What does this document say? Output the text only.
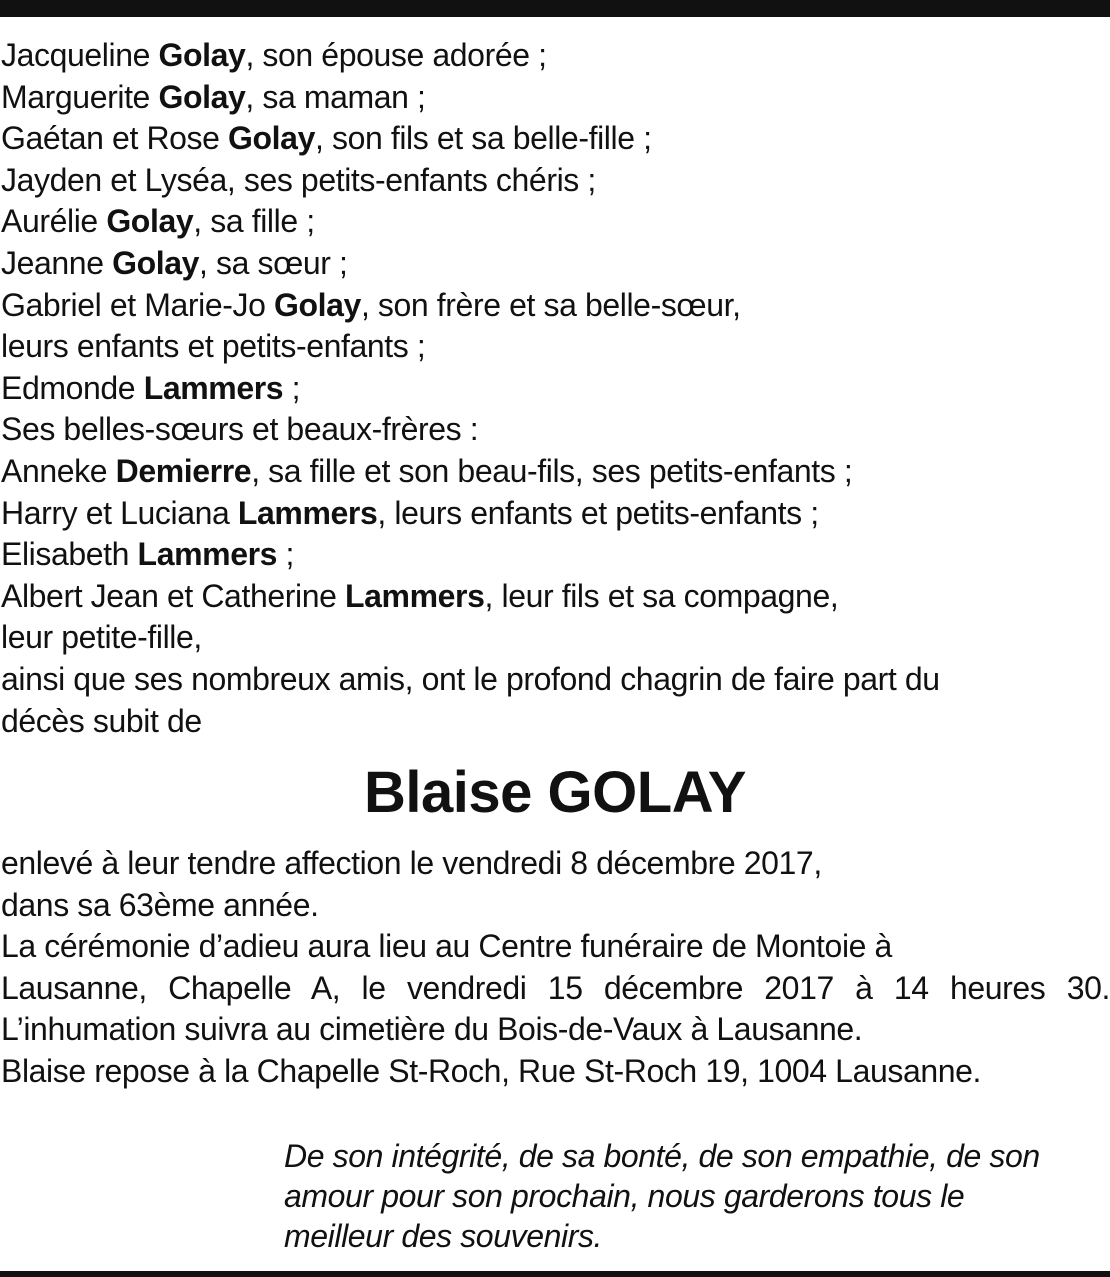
Jacqueline Golay, son épouse adorée ;
Marguerite Golay, sa maman ;
Gaétan et Rose Golay, son fils et sa belle-fille ;
Jayden et Lyséa, ses petits-enfants chéris ;
Aurélie Golay, sa fille ;
Jeanne Golay, sa sœur ;
Gabriel et Marie-Jo Golay, son frère et sa belle-sœur,
leurs enfants et petits-enfants ;
Edmonde Lammers ;
Ses belles-sœurs et beaux-frères :
Anneke Demierre, sa fille et son beau-fils, ses petits-enfants ;
Harry et Luciana Lammers, leurs enfants et petits-enfants ;
Elisabeth Lammers ;
Albert Jean et Catherine Lammers, leur fils et sa compagne,
leur petite-fille,
ainsi que ses nombreux amis, ont le profond chagrin de faire part du
décès subit de
Blaise GOLAY
enlevé à leur tendre affection le vendredi 8 décembre 2017,
dans sa 63ème année.
La cérémonie d’adieu aura lieu au Centre funéraire de Montoie à
Lausanne, Chapelle A, le vendredi 15 décembre 2017 à 14 heures 30.
L’inhumation suivra au cimetière du Bois-de-Vaux à Lausanne.
Blaise repose à la Chapelle St-Roch, Rue St-Roch 19, 1004 Lausanne.
De son intégrité, de sa bonté, de son empathie, de son
amour pour son prochain, nous garderons tous le
meilleur des souvenirs.
